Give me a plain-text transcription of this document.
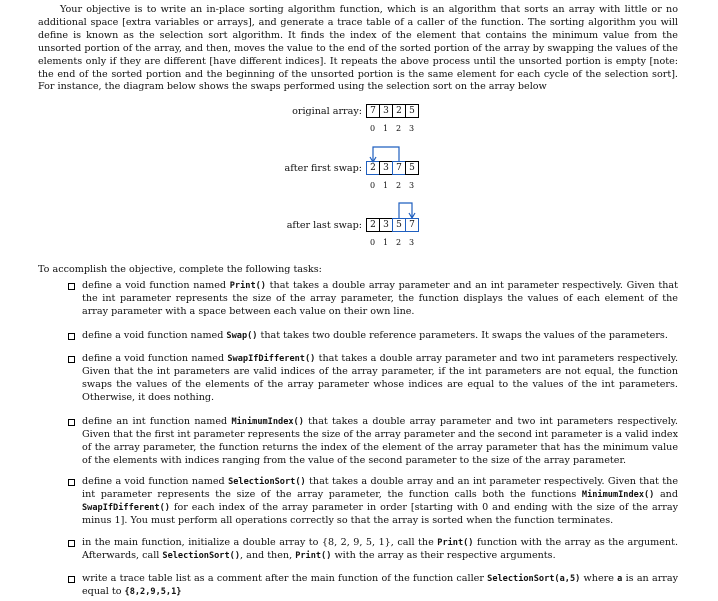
Your objective is to write an in-place sorting algorithm function, which is an algorithm that sorts an array with little or no additional space [extra variables or arrays], and generate a trace table of a caller of the function. The sorting algorithm you will define is known as the selection sort algorithm. It finds the index of the element that contains the minimum value from the unsorted portion of the array, and then, moves the value to the end of the sorted portion of the array by swapping the values of the elements only if they are different [have different indices]. It repeats the above process until the unsorted portion is empty [note: the end of the sorted portion and the beginning of the unsorted portion is the same element for each cycle of the selection sort]. For instance, the diagram below shows the swaps performed using the selection sort on the array below

original array: 7 3 2 5
0 1 2 3
after first swap: 2 3 7 5
0 1 2 3
after last swap: 2 3 5 7
0 1 2 3

To accomplish the objective, complete the following tasks:

define a void function named Print() that takes a double array parameter and an int parameter respectively. Given that the int parameter represents the size of the array parameter, the function displays the values of each element of the array parameter with a space between each value on their own line.
define a void function named Swap() that takes two double reference parameters. It swaps the values of the parameters.
define a void function named SwapIfDifferent() that takes a double array parameter and two int parameters respectively. Given that the int parameters are valid indices of the array parameter, if the int parameters are not equal, the function swaps the values of the elements of the array parameter whose indices are equal to the values of the int parameters. Otherwise, it does nothing.
define an int function named MinimumIndex() that takes a double array parameter and two int parameters respectively. Given that the first int parameter represents the size of the array parameter and the second int parameter is a valid index of the array parameter, the function returns the index of the element of the array parameter that has the minimum value of the elements with indices ranging from the value of the second parameter to the size of the array parameter.
define a void function named SelectionSort() that takes a double array and an int parameter respectively. Given that the int parameter represents the size of the array parameter, the function calls both the functions MinimumIndex() and SwapIfDifferent() for each index of the array parameter in order [starting with 0 and ending with the size of the array minus 1]. You must perform all operations correctly so that the array is sorted when the function terminates.
in the main function, initialize a double array to {8, 2, 9, 5, 1}, call the Print() function with the array as the argument. Afterwards, call SelectionSort(), and then, Print() with the array as their respective arguments.
write a trace table list as a comment after the main function of the function caller SelectionSort(a,5) where a is an array equal to {8,2,9,5,1}
